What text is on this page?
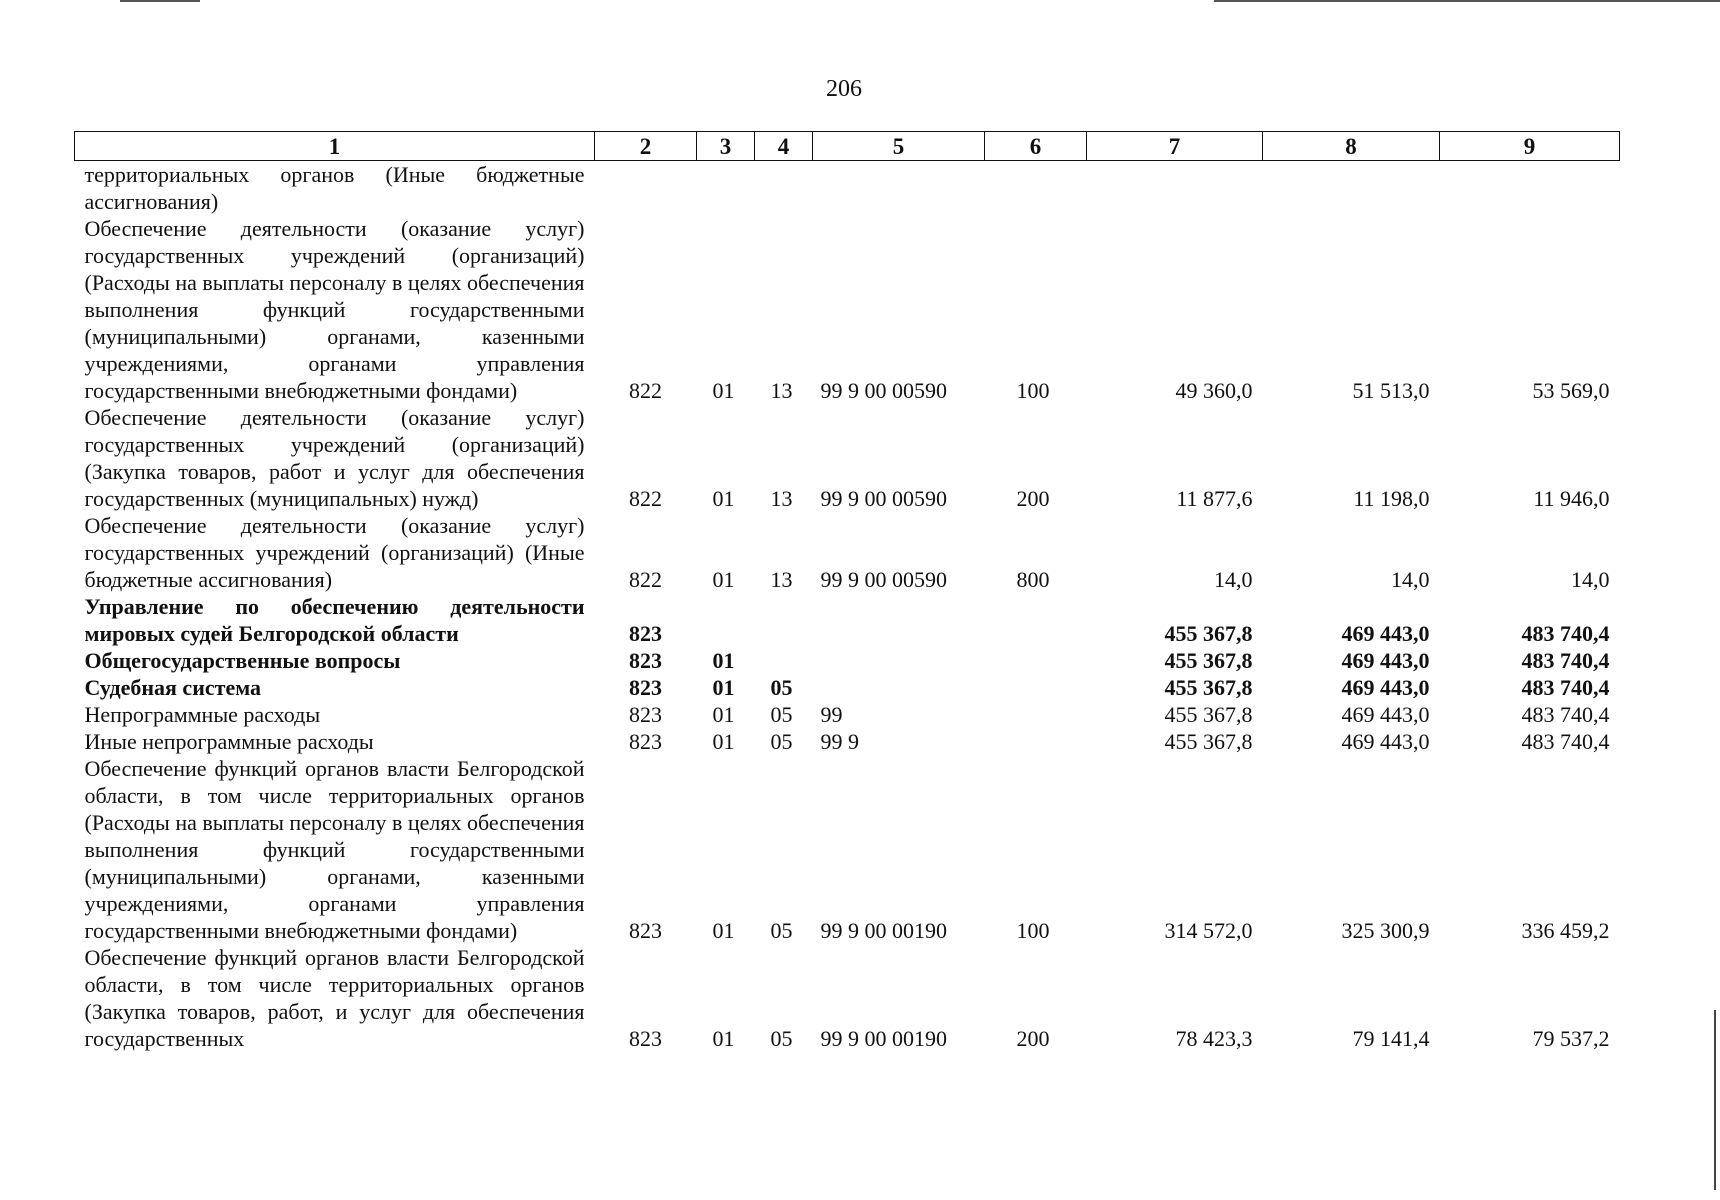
206
1	2	3	4	5	6	7	8	9
территориальных органов (Иные бюджетные ассигнования)								
Обеспечение деятельности (оказание услуг) государственных учреждений (организаций) (Расходы на выплаты персоналу в целях обеспечения выполнения функций государственными (муниципальными) органами, казенными учреждениями, органами управления государственными внебюджетными фондами)	822	01	13	99 9 00 00590	100	49 360,0	51 513,0	53 569,0
Обеспечение деятельности (оказание услуг) государственных учреждений (организаций) (Закупка товаров, работ и услуг для обеспечения государственных (муниципальных) нужд)	822	01	13	99 9 00 00590	200	11 877,6	11 198,0	11 946,0
Обеспечение деятельности (оказание услуг) государственных учреждений (организаций) (Иные бюджетные ассигнования)	822	01	13	99 9 00 00590	800	14,0	14,0	14,0
Управление по обеспечению деятельности мировых судей Белгородской области	823					455 367,8	469 443,0	483 740,4
Общегосударственные вопросы	823	01				455 367,8	469 443,0	483 740,4
Судебная система	823	01	05			455 367,8	469 443,0	483 740,4
Непрограммные расходы	823	01	05	99		455 367,8	469 443,0	483 740,4
Иные непрограммные расходы	823	01	05	99 9		455 367,8	469 443,0	483 740,4
Обеспечение функций органов власти Белгородской области, в том числе территориальных органов (Расходы на выплаты персоналу в целях обеспечения выполнения функций государственными (муниципальными) органами, казенными учреждениями, органами управления государственными внебюджетными фондами)	823	01	05	99 9 00 00190	100	314 572,0	325 300,9	336 459,2
Обеспечение функций органов власти Белгородской области, в том числе территориальных органов (Закупка товаров, работ, и услуг для обеспечения государственных	823	01	05	99 9 00 00190	200	78 423,3	79 141,4	79 537,2
